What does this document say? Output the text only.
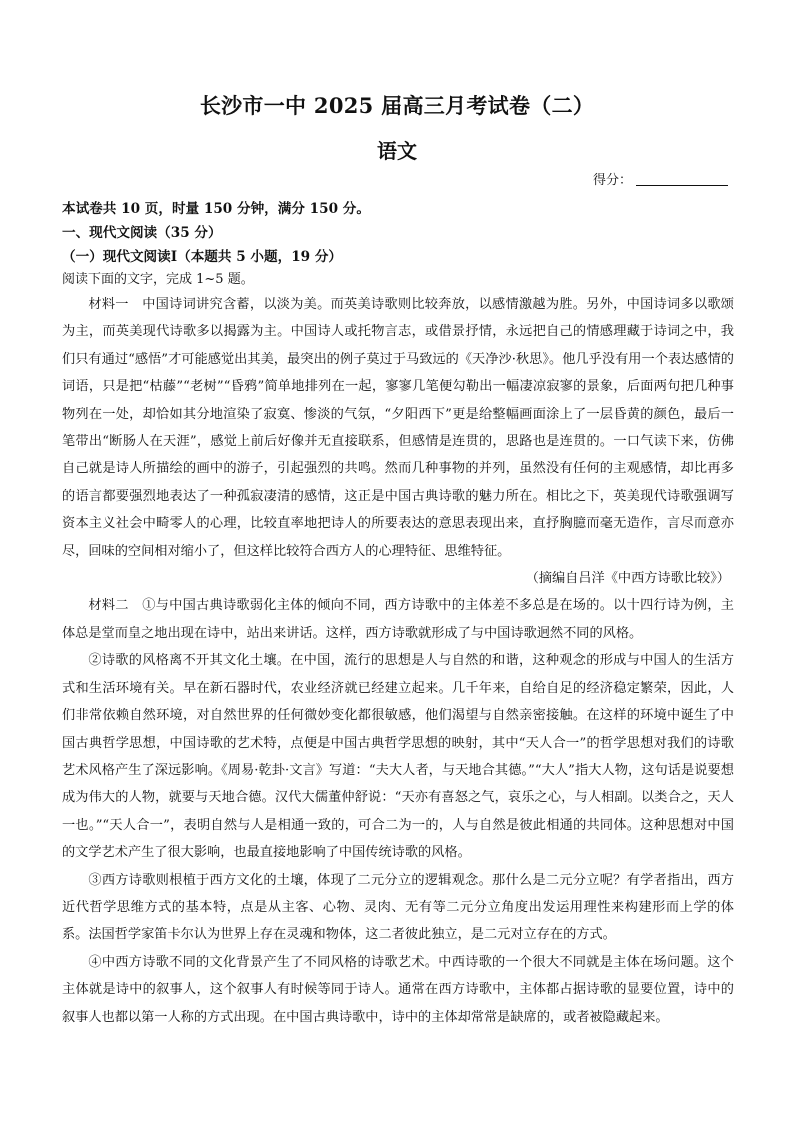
长沙市一中 2025 届高三月考试卷（二）
语文
得分：
本试卷共 10 页，时量 150 分钟，满分 150 分。
一、现代文阅读（35 分）
（一）现代文阅读Ⅰ（本题共 5 小题，19 分）
阅读下面的文字，完成 1~5 题。

材料一　中国诗词讲究含蓄，以淡为美。而英美诗歌则比较奔放，以感情激越为胜。另外，中国诗词多以歌颂为主，而英美现代诗歌多以揭露为主。中国诗人或托物言志，或借景抒情，永远把自己的情感理藏于诗词之中，我们只有通过“感悟”才可能感觉出其美，最突出的例子莫过于马致远的《天净沙·秋思》。他几乎没有用一个表达感情的词语，只是把“枯藤”“老树”“昏鸦”简单地排列在一起，寥寥几笔便勾勒出一幅凄凉寂寥的景象，后面两句把几种事物列在一处，却恰如其分地渲染了寂寞、惨淡的气氛，“夕阳西下”更是给整幅画面涂上了一层昏黄的颜色，最后一笔带出“断肠人在天涯”，感觉上前后好像并无直接联系，但感情是连贯的，思路也是连贯的。一口气读下来，仿佛自己就是诗人所描绘的画中的游子，引起强烈的共鸣。然而几种事物的并列，虽然没有任何的主观感情，却比再多的语言都要强烈地表达了一种孤寂凄清的感情，这正是中国古典诗歌的魅力所在。相比之下，英美现代诗歌强调写资本主义社会中畸零人的心理，比较直率地把诗人的所要表达的意思表现出来，直抒胸臆而毫无造作，言尽而意亦尽，回味的空间相对缩小了，但这样比较符合西方人的心理特征、思维特征。

（摘编自吕洋《中西方诗歌比较》）

材料二　①与中国古典诗歌弱化主体的倾向不同，西方诗歌中的主体差不多总是在场的。以十四行诗为例，主体总是堂而皇之地出现在诗中，站出来讲话。这样，西方诗歌就形成了与中国诗歌迥然不同的风格。

②诗歌的风格离不开其文化土壤。在中国，流行的思想是人与自然的和谐，这种观念的形成与中国人的生活方式和生活环境有关。早在新石器时代，农业经济就已经建立起来。几千年来，自给自足的经济稳定繁荣，因此，人们非常依赖自然环境，对自然世界的任何微妙变化都很敏感，他们渴望与自然亲密接触。在这样的环境中诞生了中国古典哲学思想，中国诗歌的艺术特，点便是中国古典哲学思想的映射，其中“天人合一”的哲学思想对我们的诗歌艺术风格产生了深远影响。《周易·乾卦·文言》写道：“夫大人者，与天地合其德。”“大人”指大人物，这句话是说要想成为伟大的人物，就要与天地合德。汉代大儒董仲舒说：“天亦有喜怒之气，哀乐之心，与人相副。以类合之，天人一也。”“天人合一”，表明自然与人是相通一致的，可合二为一的，人与自然是彼此相通的共同体。这种思想对中国的文学艺术产生了很大影响，也最直接地影响了中国传统诗歌的风格。

③西方诗歌则根植于西方文化的土壤，体现了二元分立的逻辑观念。那什么是二元分立呢？有学者指出，西方近代哲学思维方式的基本特，点是从主客、心物、灵肉、无有等二元分立角度出发运用理性来构建形而上学的体系。法国哲学家笛卡尔认为世界上存在灵魂和物体，这二者彼此独立，是二元对立存在的方式。

④中西方诗歌不同的文化背景产生了不同风格的诗歌艺术。中西诗歌的一个很大不同就是主体在场问题。这个主体就是诗中的叙事人，这个叙事人有时候等同于诗人。通常在西方诗歌中，主体都占据诗歌的显要位置，诗中的叙事人也都以第一人称的方式出现。在中国古典诗歌中，诗中的主体却常常是缺席的，或者被隐藏起来。
